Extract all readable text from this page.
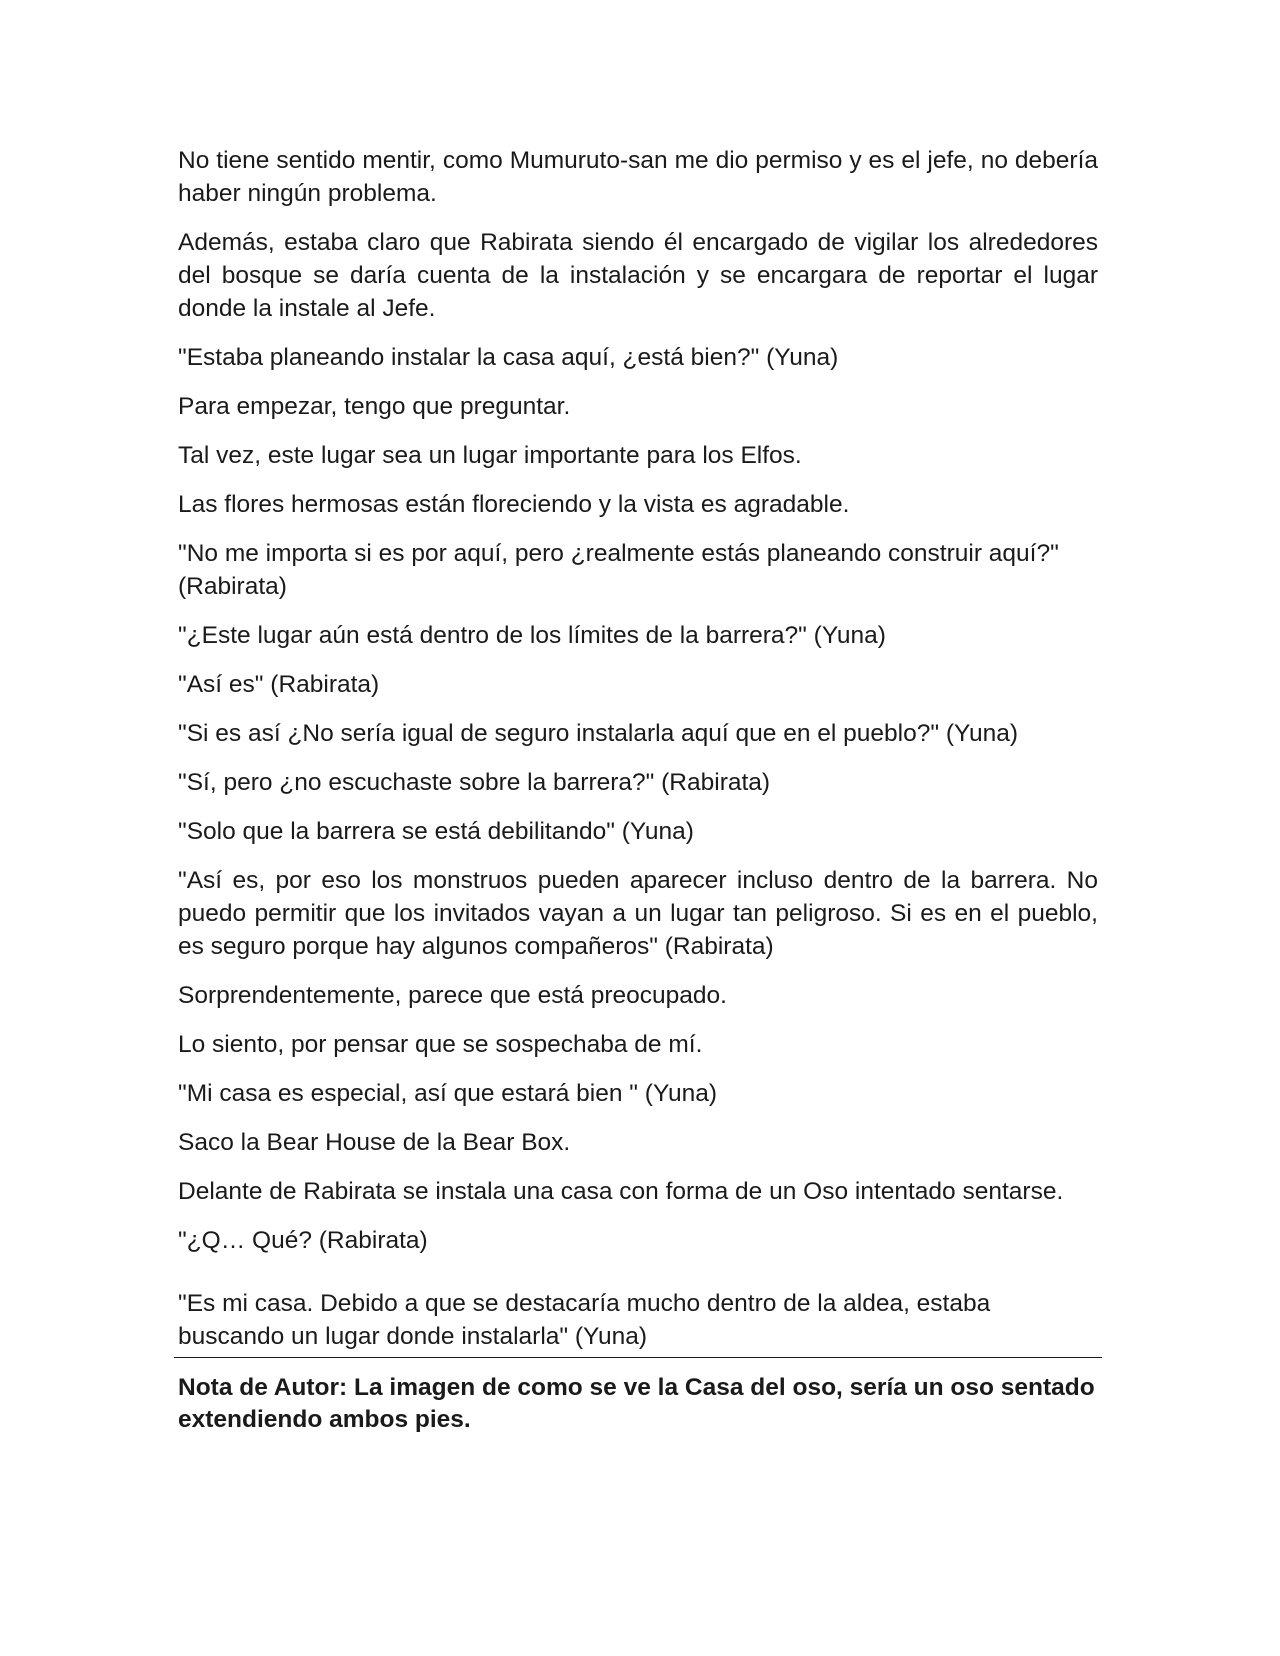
No tiene sentido mentir, como Mumuruto-san me dio permiso y es el jefe, no debería haber ningún problema.

Además, estaba claro que Rabirata siendo él encargado de vigilar los alrededores del bosque se daría cuenta de la instalación y se encargara de reportar el lugar donde la instale al Jefe.

"Estaba planeando instalar la casa aquí, ¿está bien?" (Yuna)

Para empezar, tengo que preguntar.

Tal vez, este lugar sea un lugar importante para los Elfos.

Las flores hermosas están floreciendo y la vista es agradable.

"No me importa si es por aquí, pero ¿realmente estás planeando construir aquí?" (Rabirata)

"¿Este lugar aún está dentro de los límites de la barrera?" (Yuna)

"Así es" (Rabirata)

"Si es así ¿No sería igual de seguro instalarla aquí que en el pueblo?" (Yuna)

"Sí, pero ¿no escuchaste sobre la barrera?" (Rabirata)

"Solo que la barrera se está debilitando" (Yuna)

"Así es, por eso los monstruos pueden aparecer incluso dentro de la barrera. No puedo permitir que los invitados vayan a un lugar tan peligroso. Si es en el pueblo, es seguro porque hay algunos compañeros" (Rabirata)

Sorprendentemente, parece que está preocupado.

Lo siento, por pensar que se sospechaba de mí.

"Mi casa es especial, así que estará bien " (Yuna)

Saco la Bear House de la Bear Box.

Delante de Rabirata se instala una casa con forma de un Oso intentado sentarse.

"¿Q… Qué? (Rabirata)

"Es mi casa. Debido a que se destacaría mucho dentro de la aldea, estaba buscando un lugar donde instalarla" (Yuna)

Nota de Autor: La imagen de como se ve la Casa del oso, sería un oso sentado extendiendo ambos pies.
